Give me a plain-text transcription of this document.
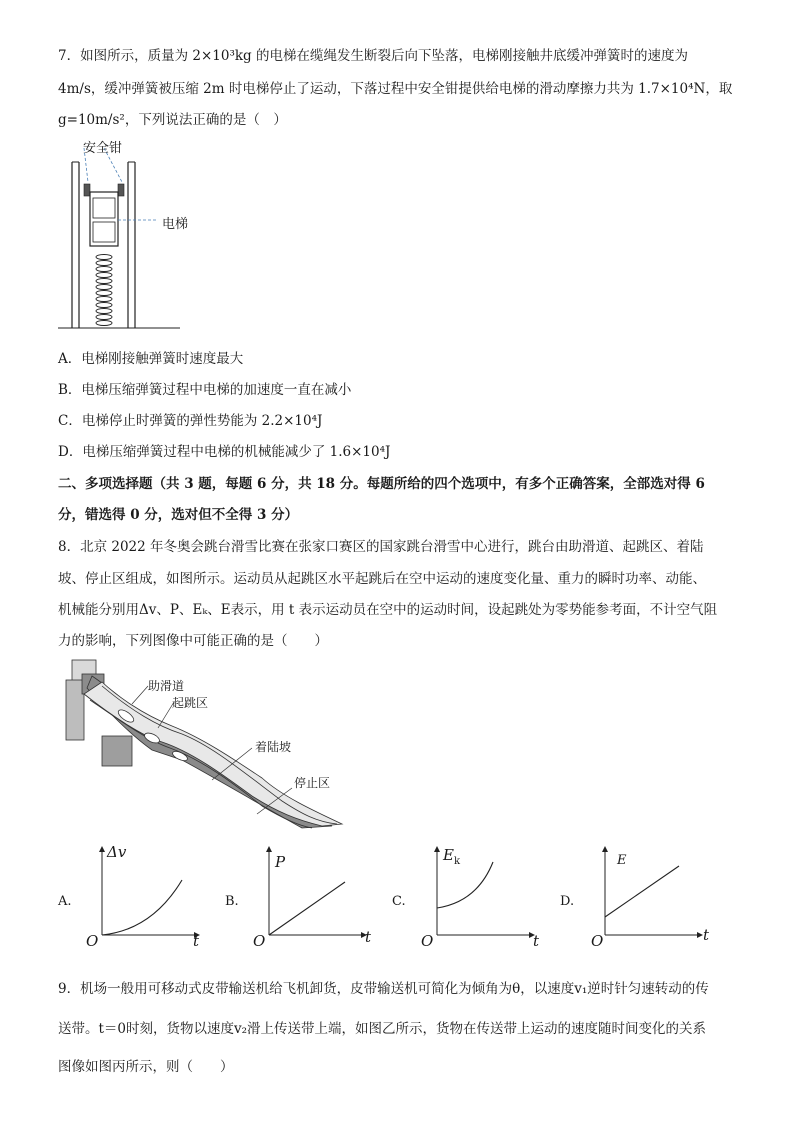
7．如图所示，质量为 2×10³kg 的电梯在缆绳发生断裂后向下坠落，电梯刚接触井底缓冲弹簧时的速度为
4m/s，缓冲弹簧被压缩 2m 时电梯停止了运动，下落过程中安全钳提供给电梯的滑动摩擦力共为 1.7×10⁴N，取
g=10m/s²，下列说法正确的是（　）
安全钳
电梯
A．电梯刚接触弹簧时速度最大
B．电梯压缩弹簧过程中电梯的加速度一直在减小
C．电梯停止时弹簧的弹性势能为 2.2×10⁴J
D．电梯压缩弹簧过程中电梯的机械能减少了 1.6×10⁴J
二、多项选择题（共 3 题，每题 6 分，共 18 分。每题所给的四个选项中，有多个正确答案，全部选对得 6
分，错选得 0 分，选对但不全得 3 分）
8．北京 2022 年冬奥会跳台滑雪比赛在张家口赛区的国家跳台滑雪中心进行，跳台由助滑道、起跳区、着陆
坡、停止区组成，如图所示。运动员从起跳区水平起跳后在空中运动的速度变化量、重力的瞬时功率、动能、
机械能分别用Δv、P、Eₖ、E表示，用 t 表示运动员在空中的运动时间，设起跳处为零势能参考面，不计空气阻
力的影响，下列图像中可能正确的是（　　）
助滑道
起跳区
着陆坡
停止区
A.
Δv
t
O
B.
P
t
O
C.
$E_k$
t
O
D.
E
t
O
9．机场一般用可移动式皮带输送机给飞机卸货，皮带输送机可简化为倾角为θ，以速度v₁逆时针匀速转动的传
送带。t＝0时刻，货物以速度v₂滑上传送带上端，如图乙所示，货物在传送带上运动的速度随时间变化的关系
图像如图丙所示，则（　　）
